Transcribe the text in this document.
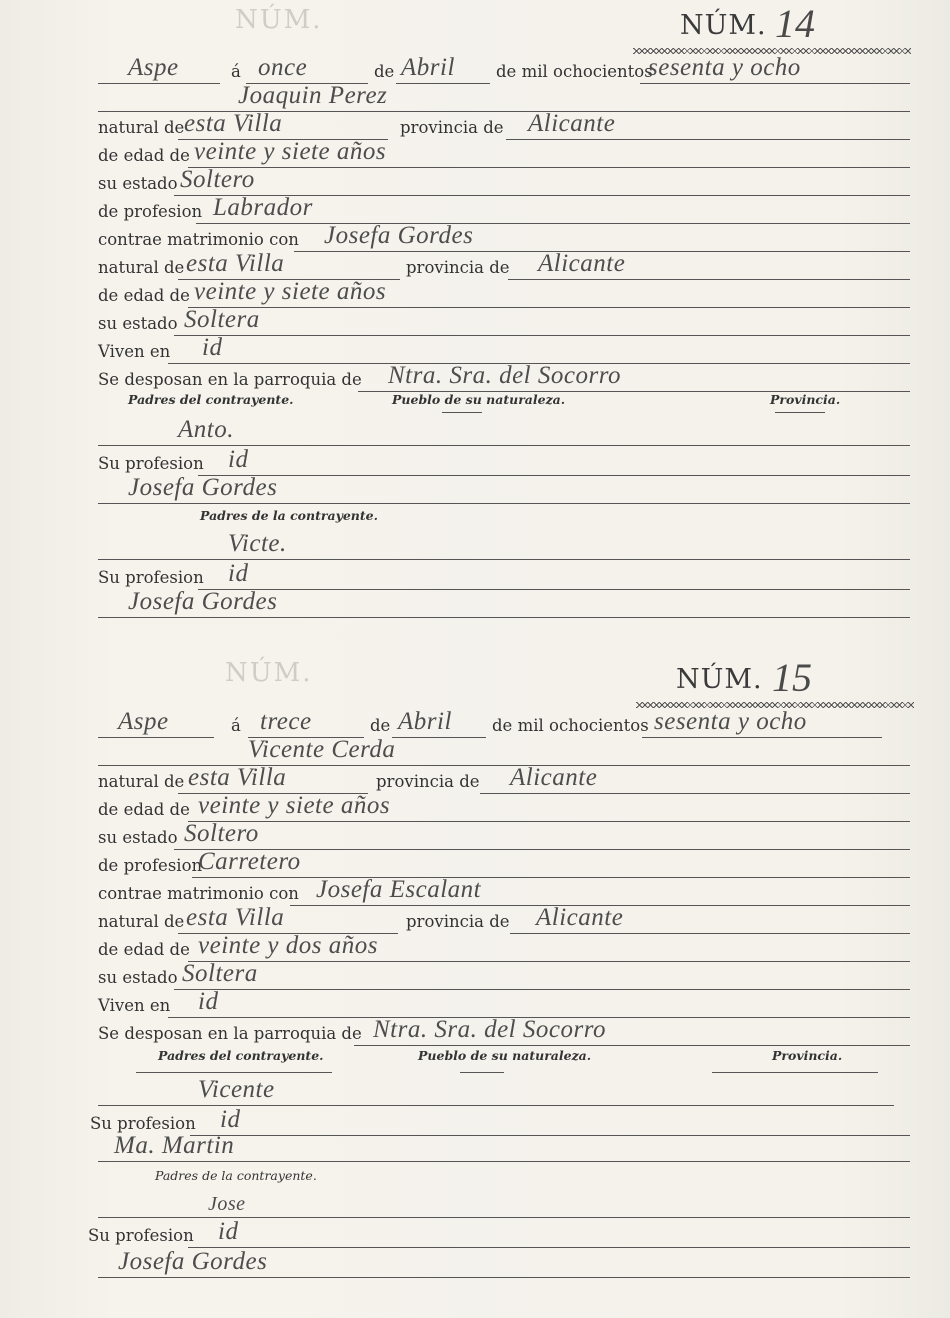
NÚM.	NÚM. 14
Aspe	á once	de Abril de mil ochocientos
sesenta y ocho
Joaquin Perez
natural de esta Villa	provincia de Alicante
de edad de veinte y siete años
su estado Soltero
de profesion Labrador
contrae matrimonio con Josefa Gordes
natural de esta Villa	provincia de Alicante
de edad de veinte y siete años
su estado Soltera
Viven en id
Se desposan en la parroquia de Ntra. Sra. del Socorro
Padres del contrayente.	Pueblo de su naturaleza.	Provincia.
Anto.
Su profesion id
Josefa Gordes
Padres de la contrayente.
Victe.
Su profesion id
Josefa Gordes
NÚM.	NÚM. 15
Aspe	á trece	de Abril de mil ochocientos sesenta y ocho
Vicente Cerda
natural de esta Villa	provincia de Alicante
de edad de veinte y siete años
su estado Soltero
de profesion
Carretero
contrae matrimonio con Josefa Escalant
natural de esta Villa	provincia de Alicante
de edad de veinte y dos años
su estado Soltera
Viven en id
Se desposan en la parroquia de Ntra. Sra. del Socorro
Padres del contrayente.	Pueblo de su naturaleza.	Provincia.
Vicente
Su profesion id
Ma. Martin
Padres de la contrayente.
Jose
Su profesion id
Josefa Gordes
